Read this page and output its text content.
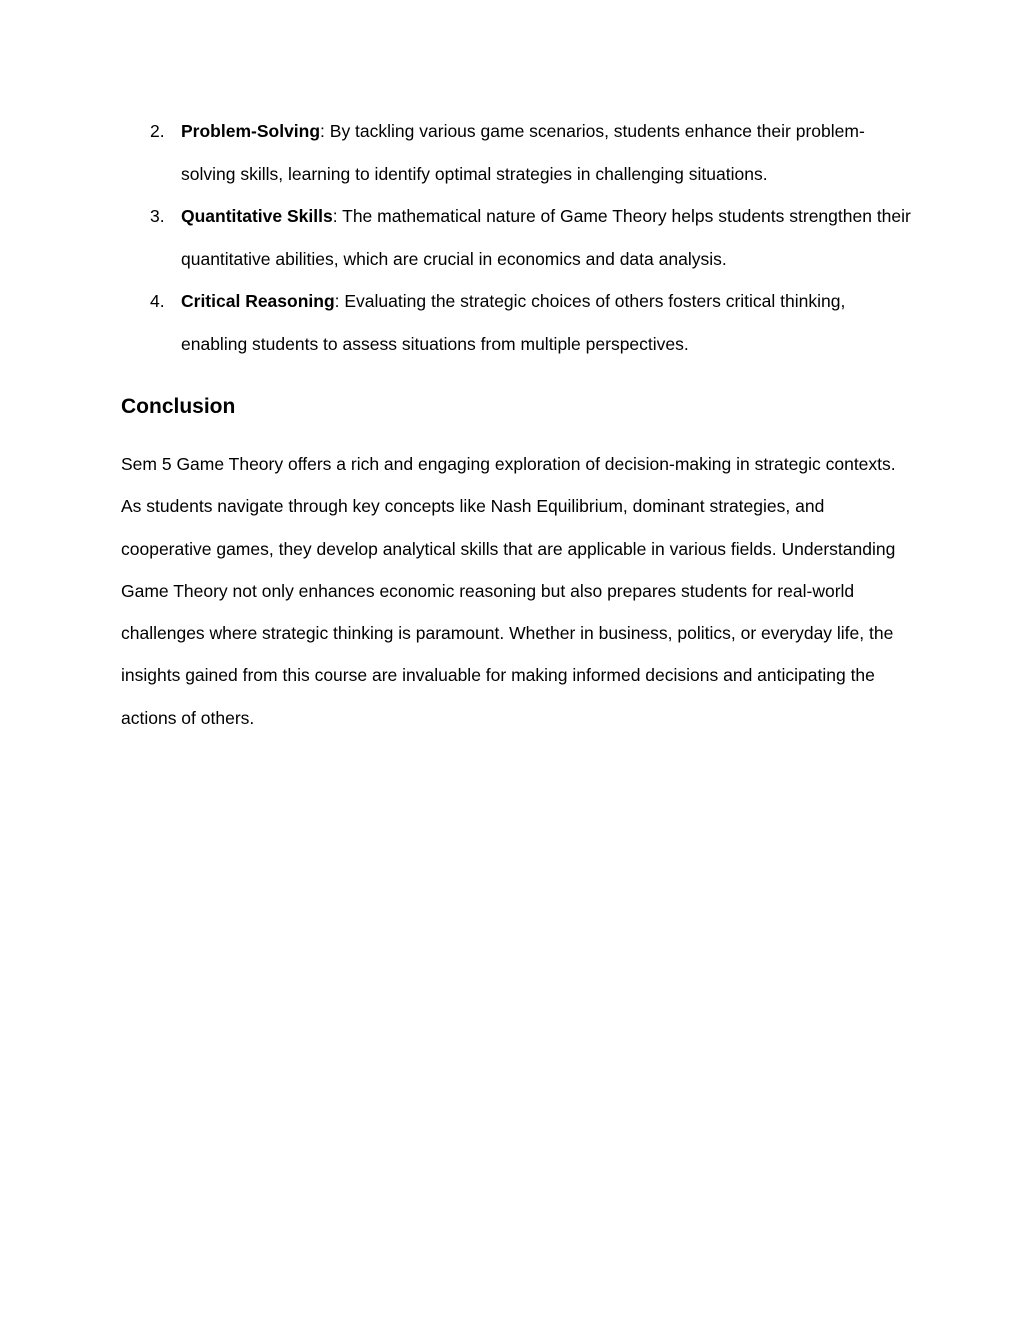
2. Problem-Solving: By tackling various game scenarios, students enhance their problem-solving skills, learning to identify optimal strategies in challenging situations.
3. Quantitative Skills: The mathematical nature of Game Theory helps students strengthen their quantitative abilities, which are crucial in economics and data analysis.
4. Critical Reasoning: Evaluating the strategic choices of others fosters critical thinking, enabling students to assess situations from multiple perspectives.
Conclusion

Sem 5 Game Theory offers a rich and engaging exploration of decision-making in strategic contexts. As students navigate through key concepts like Nash Equilibrium, dominant strategies, and cooperative games, they develop analytical skills that are applicable in various fields. Understanding Game Theory not only enhances economic reasoning but also prepares students for real-world challenges where strategic thinking is paramount. Whether in business, politics, or everyday life, the insights gained from this course are invaluable for making informed decisions and anticipating the actions of others.
